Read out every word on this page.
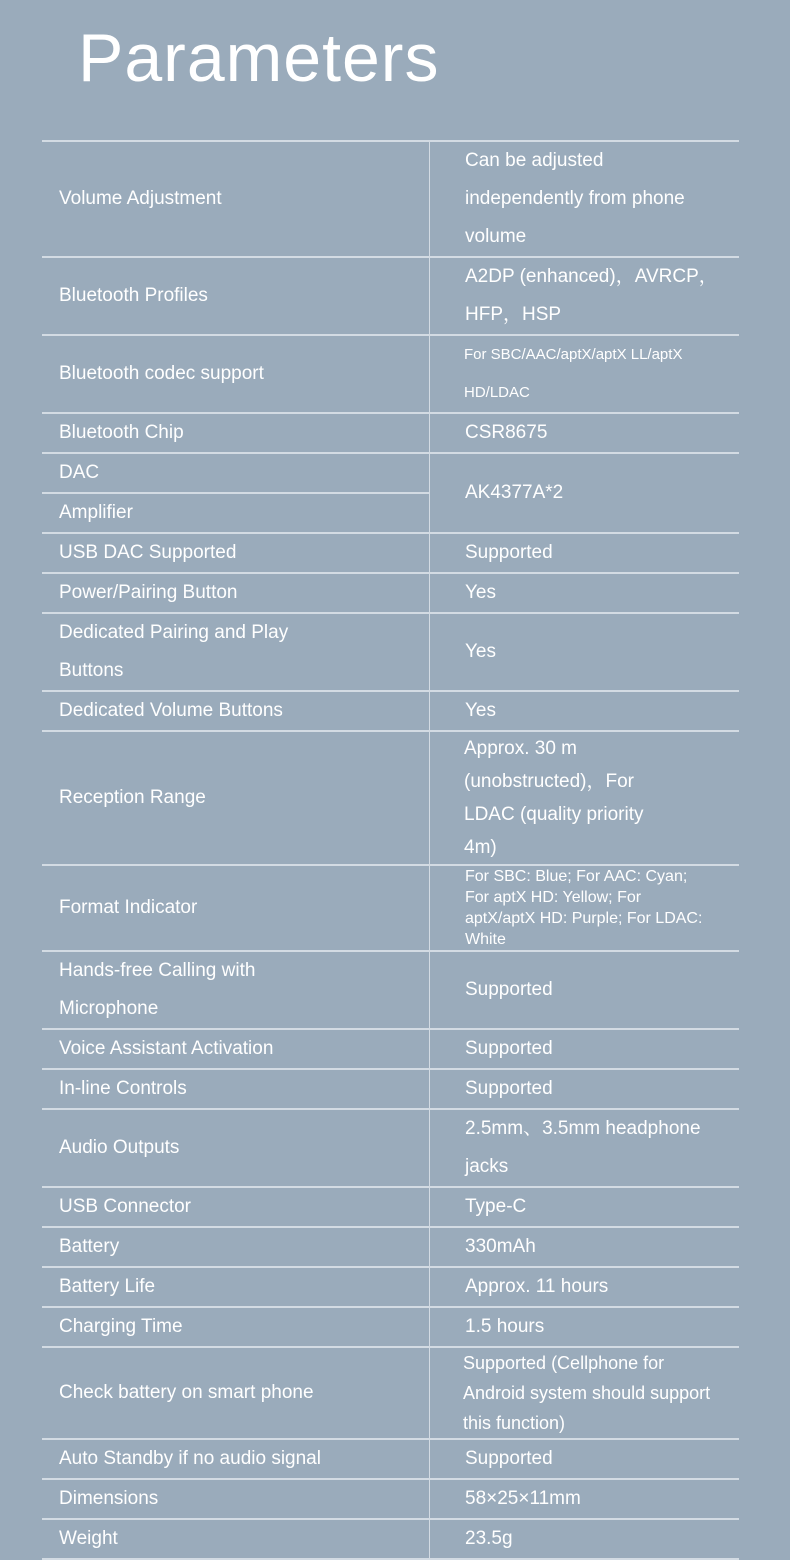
Parameters
Volume Adjustment	Can be adjusted independently from phone volume
Bluetooth Profiles	A2DP (enhanced)，AVRCP，HFP，HSP
Bluetooth codec support	For SBC/AAC/aptX/aptX LL/aptX HD/LDAC
Bluetooth Chip	CSR8675
DAC	AK4377A*2
Amplifier	
USB DAC Supported	Supported
Power/Pairing Button	Yes
Dedicated Pairing and Play Buttons	Yes
Dedicated Volume Buttons	Yes
Reception Range	Approx. 30 m (unobstructed)，For LDAC (quality priority 4m)
Format Indicator	For SBC: Blue; For AAC: Cyan; For aptX HD: Yellow; For aptX/aptX HD: Purple; For LDAC: White
Hands-free Calling with Microphone	Supported
Voice Assistant Activation	Supported
In-line Controls	Supported
Audio Outputs	2.5mm、3.5mm headphone jacks
USB Connector	Type-C
Battery	330mAh
Battery Life	Approx. 11 hours
Charging Time	1.5 hours
Check battery on smart phone	Supported (Cellphone for Android system should support this function)
Auto Standby if no audio signal	Supported
Dimensions	58×25×11mm
Weight	23.5g
